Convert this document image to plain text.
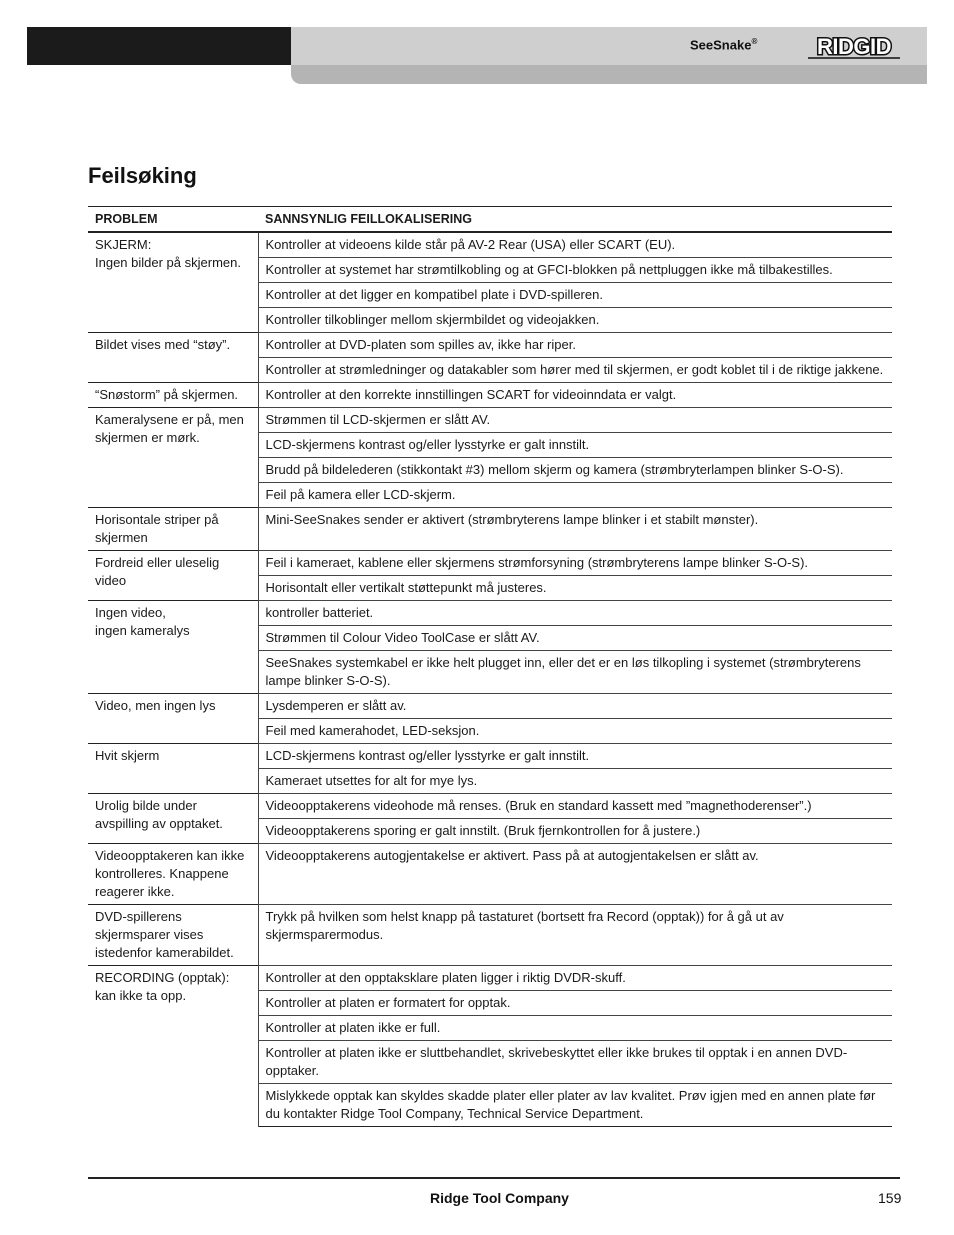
SeeSnake®	RIDGID
Feilsøking
PROBLEM	SANNSYNLIG FEILLOKALISERING

SKJERM:
Ingen bilder på skjermen.	Kontroller at videoens kilde står på AV-2 Rear (USA) eller SCART (EU).
	Kontroller at systemet har strømtilkobling og at GFCI-blokken på nettpluggen ikke må tilbakestilles.
	Kontroller at det ligger en kompatibel plate i DVD-spilleren.
	Kontroller tilkoblinger mellom skjermbildet og videojakken.

Bildet vises med “støy”.	Kontroller at DVD-platen som spilles av, ikke har riper.
	Kontroller at strømledninger og datakabler som hører med til skjermen, er godt koblet til i de riktige jakkene.

“Snøstorm” på skjermen.	Kontroller at den korrekte innstillingen SCART for videoinndata er valgt.

Kameralysene er på, men skjermen er mørk.	Strømmen til LCD-skjermen er slått AV.
	LCD-skjermens kontrast og/eller lysstyrke er galt innstilt.
	Brudd på bildelederen (stikkontakt #3) mellom skjerm og kamera (strømbryterlampen blinker S-O-S).
	Feil på kamera eller LCD-skjerm.

Horisontale striper på skjermen	Mini-SeeSnakes sender er aktivert (strømbryterens lampe blinker i et stabilt mønster).

Fordreid eller uleselig video	Feil i kameraet, kablene eller skjermens strømforsyning (strømbryterens lampe blinker S-O-S).
	Horisontalt eller vertikalt støttepunkt må justeres.

Ingen video,
ingen kameralys	kontroller batteriet.
	Strømmen til Colour Video ToolCase er slått AV.
	SeeSnakes systemkabel er ikke helt plugget inn, eller det er en løs tilkopling i systemet (strømbryterens lampe blinker S-O-S).

Video, men ingen lys	Lysdemperen er slått av.
	Feil med kamerahodet, LED-seksjon.

Hvit skjerm	LCD-skjermens kontrast og/eller lysstyrke er galt innstilt.
	Kameraet utsettes for alt for mye lys.

Urolig bilde under avspilling av opptaket.	Videoopptakerens videohode må renses. (Bruk en standard kassett med ”magnethoderenser”.)
	Videoopptakerens sporing er galt innstilt. (Bruk fjernkontrollen for å justere.)

Videoopptakeren kan ikke kontrolleres. Knappene reagerer ikke.	Videoopptakerens autogjentakelse er aktivert. Pass på at autogjentakelsen er slått av.

DVD-spillerens skjermsparer vises istedenfor kamerabildet.	Trykk på hvilken som helst knapp på tastaturet (bortsett fra Record (opptak)) for å gå ut av skjermsparermodus.

RECORDING (opptak):
kan ikke ta opp.	Kontroller at den opptaksklare platen ligger i riktig DVDR-skuff.
	Kontroller at platen er formatert for opptak.
	Kontroller at platen ikke er full.
	Kontroller at platen ikke er sluttbehandlet, skrivebeskyttet eller ikke brukes til opptak i en annen DVD-opptaker.
	Mislykkede opptak kan skyldes skadde plater eller plater av lav kvalitet. Prøv igjen med en annen plate før du kontakter Ridge Tool Company, Technical Service Department.
Ridge Tool Company	159
